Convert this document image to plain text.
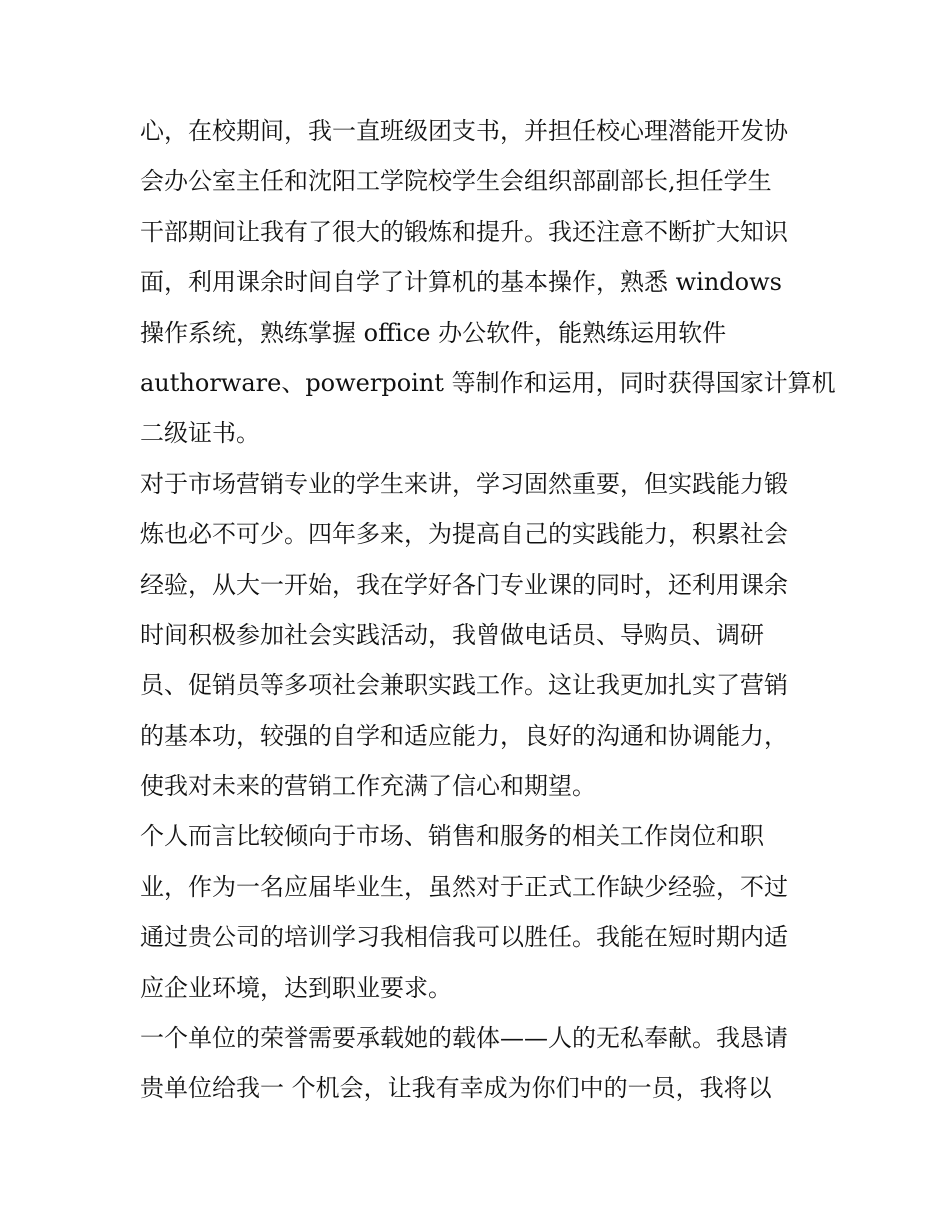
心，在校期间，我一直班级团支书，并担任校心理潜能开发协
会办公室主任和沈阳工学院校学生会组织部副部长,担任学生
干部期间让我有了很大的锻炼和提升。我还注意不断扩大知识
面，利用课余时间自学了计算机的基本操作，熟悉 windows
操作系统，熟练掌握 office 办公软件，能熟练运用软件
authorware、powerpoint 等制作和运用，同时获得国家计算机
二级证书。
对于市场营销专业的学生来讲，学习固然重要，但实践能力锻
炼也必不可少。四年多来，为提高自己的实践能力，积累社会
经验，从大一开始，我在学好各门专业课的同时，还利用课余
时间积极参加社会实践活动，我曾做电话员、导购员、调研
员、促销员等多项社会兼职实践工作。这让我更加扎实了营销
的基本功，较强的自学和适应能力，良好的沟通和协调能力，
使我对未来的营销工作充满了信心和期望。
个人而言比较倾向于市场、销售和服务的相关工作岗位和职
业，作为一名应届毕业生，虽然对于正式工作缺少经验，不过
通过贵公司的培训学习我相信我可以胜任。我能在短时期内适
应企业环境，达到职业要求。
一个单位的荣誉需要承载她的载体——人的无私奉献。我恳请
贵单位给我一 个机会，让我有幸成为你们中的一员，我将以
